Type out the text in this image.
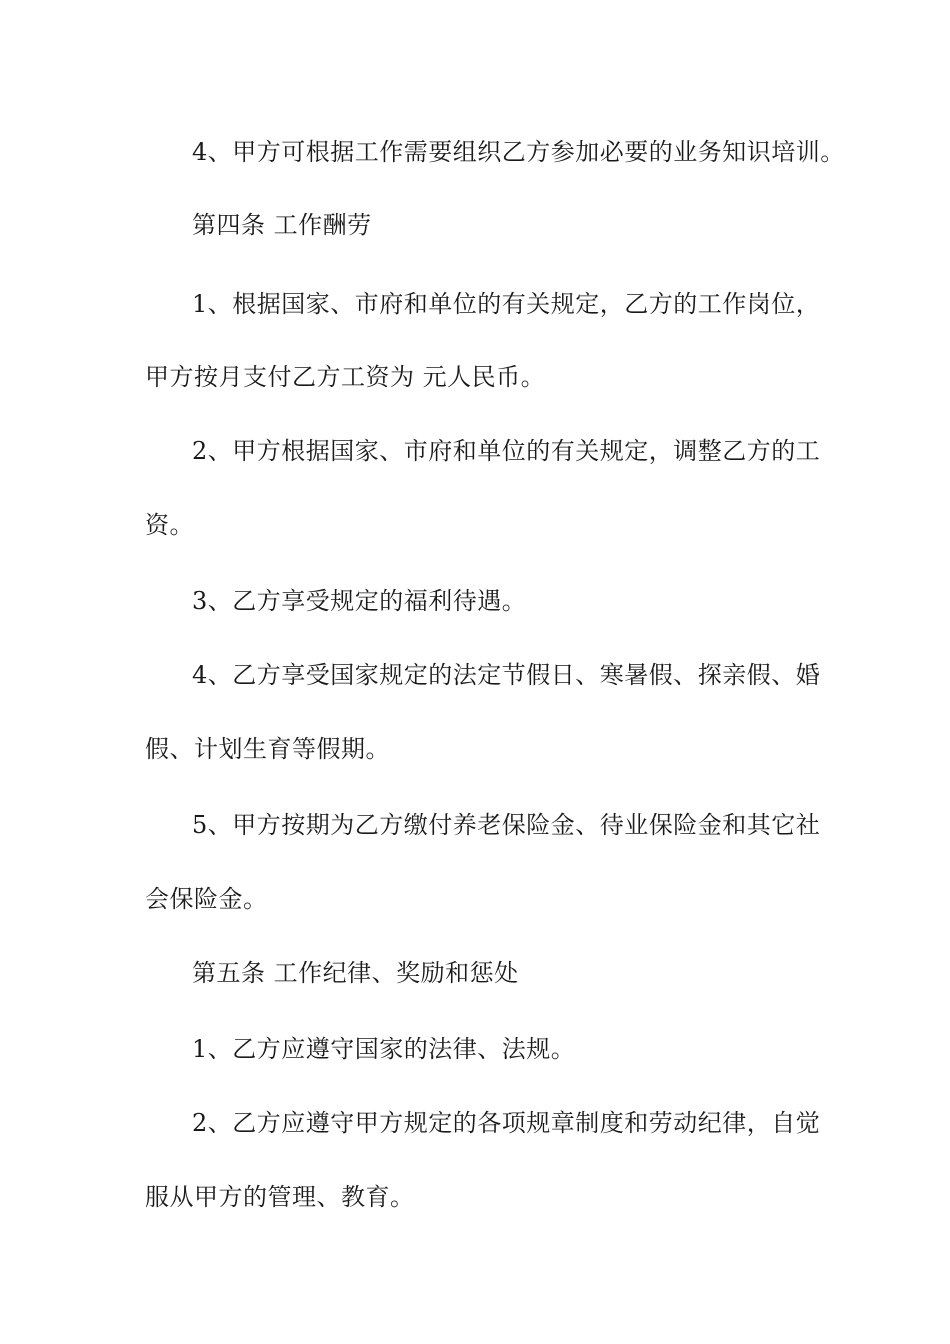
4、甲方可根据工作需要组织乙方参加必要的业务知识培训。
第四条 工作酬劳
1、根据国家、市府和单位的有关规定，乙方的工作岗位，
甲方按月支付乙方工资为 元人民币。
2、甲方根据国家、市府和单位的有关规定，调整乙方的工
资。
3、乙方享受规定的福利待遇。
4、乙方享受国家规定的法定节假日、寒暑假、探亲假、婚
假、计划生育等假期。
5、甲方按期为乙方缴付养老保险金、待业保险金和其它社
会保险金。
第五条 工作纪律、奖励和惩处
1、乙方应遵守国家的法律、法规。
2、乙方应遵守甲方规定的各项规章制度和劳动纪律，自觉
服从甲方的管理、教育。
